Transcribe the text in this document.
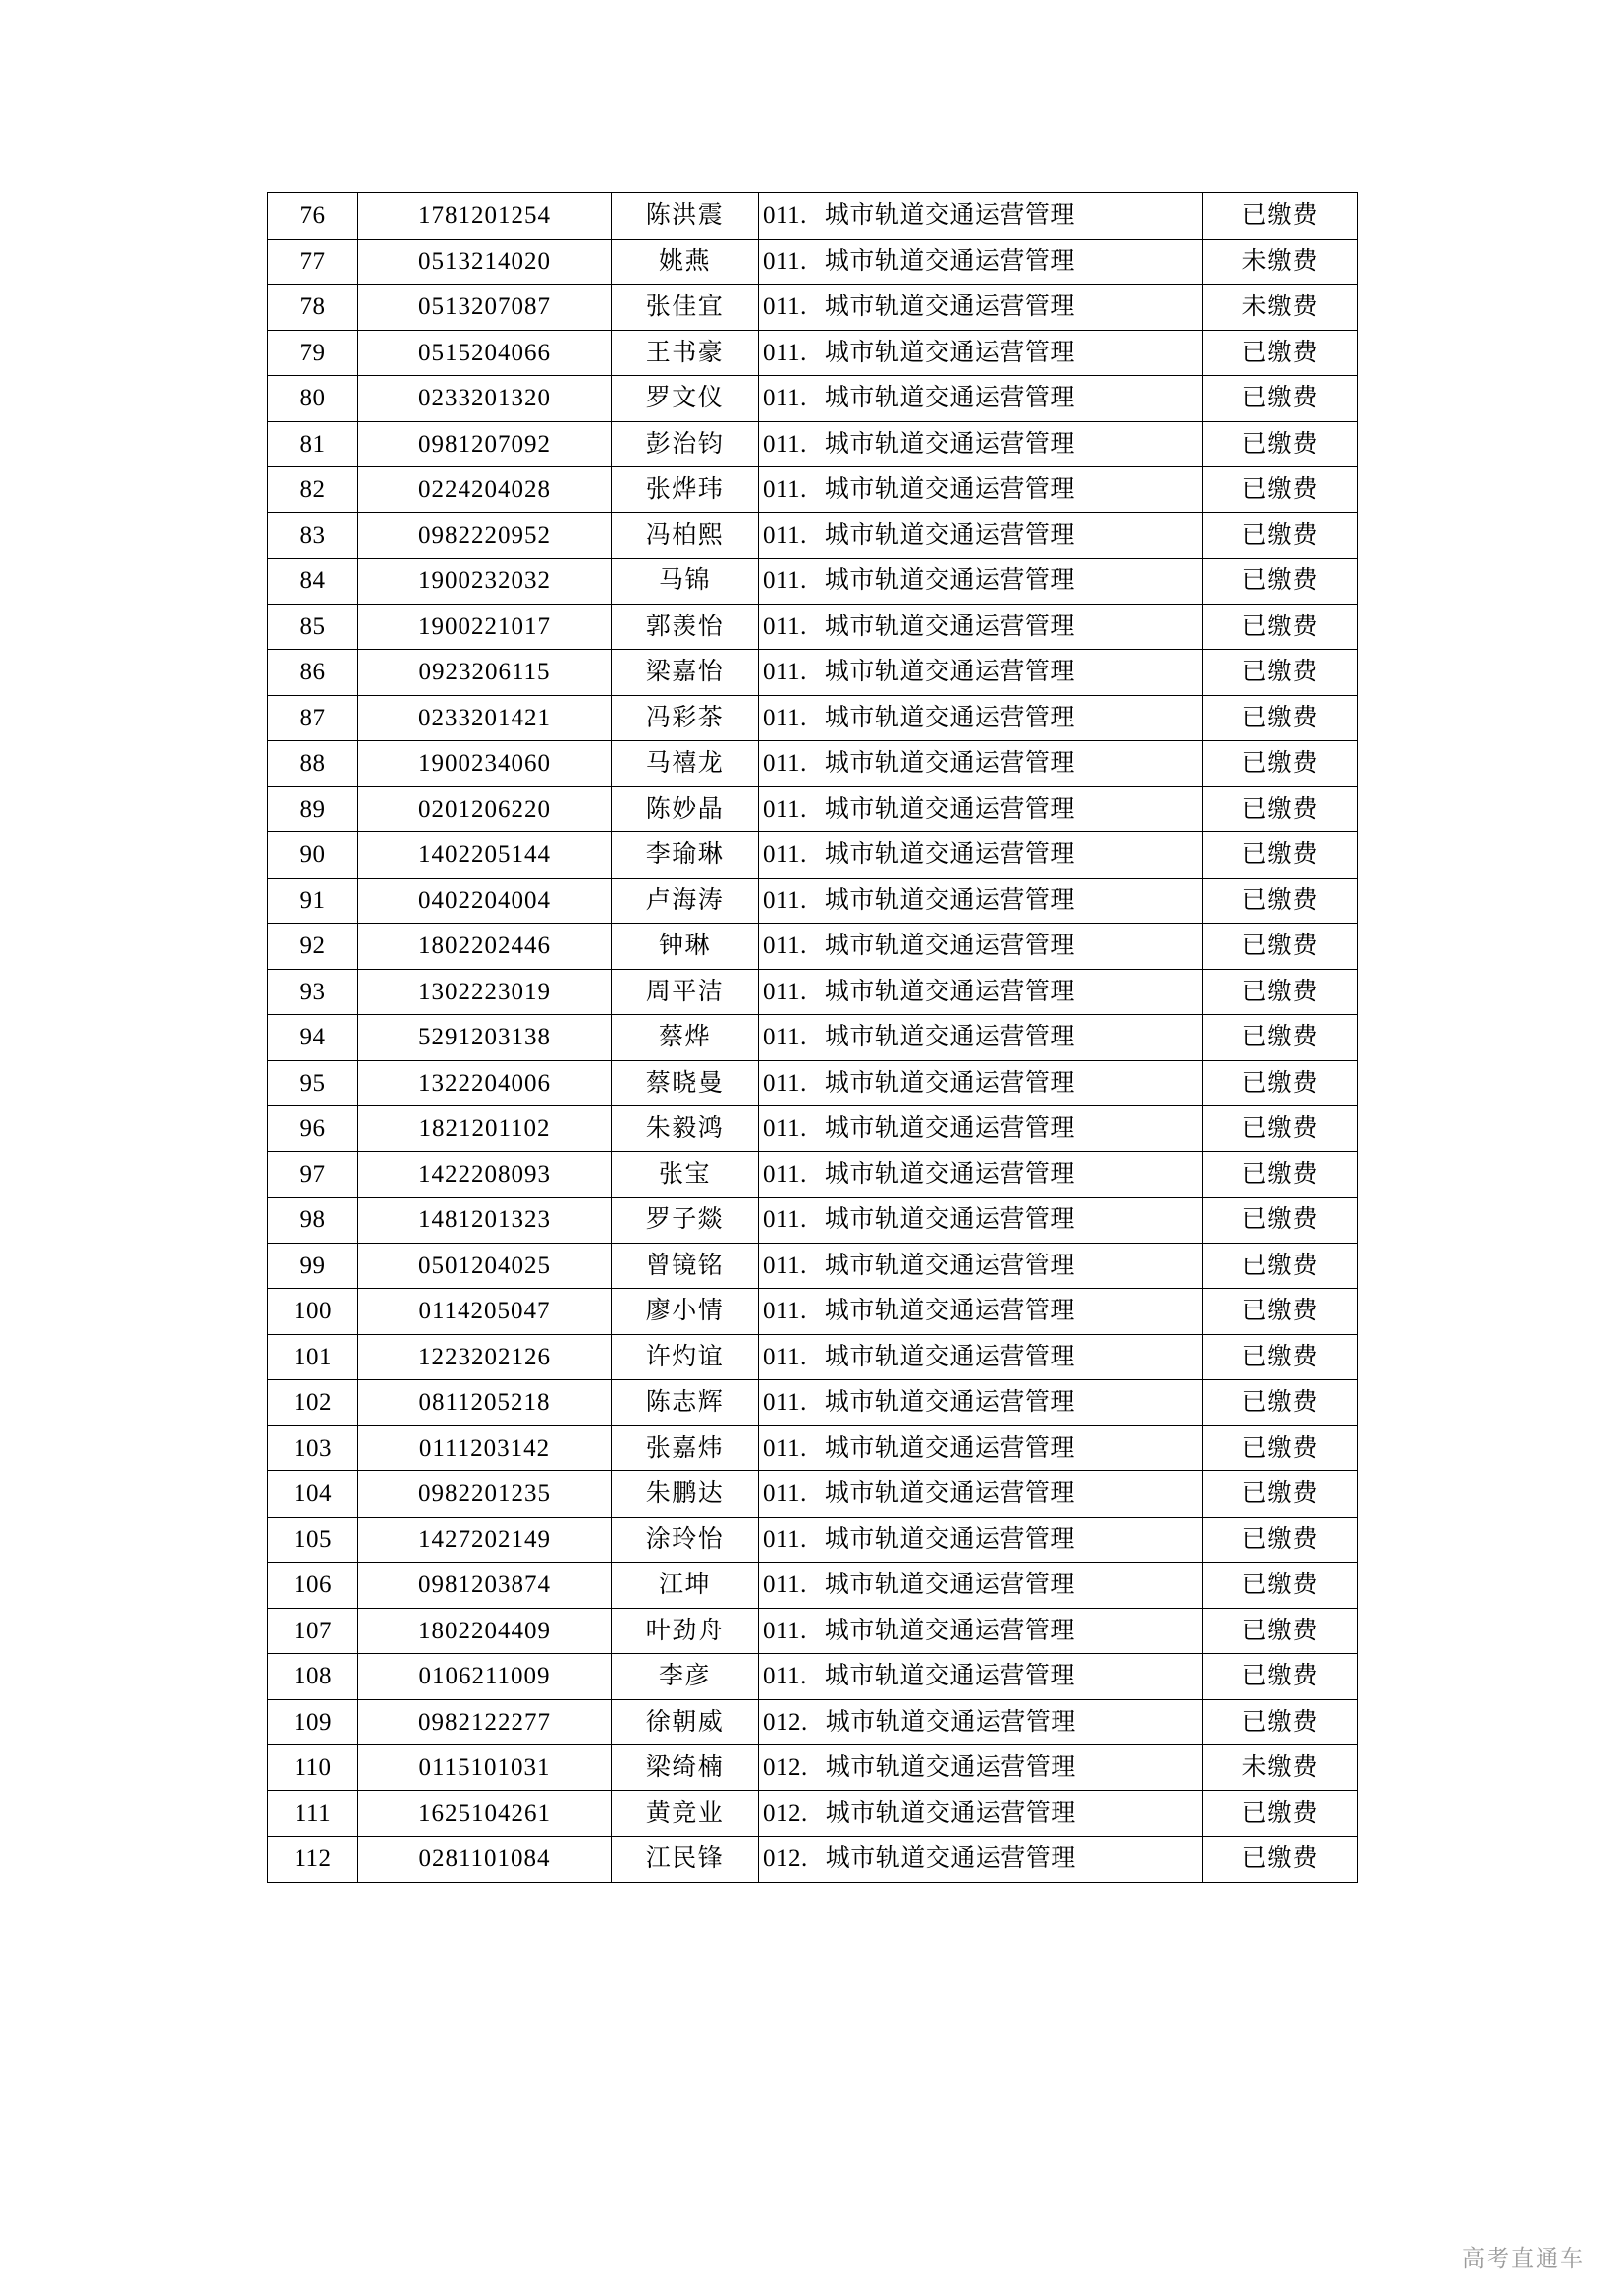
76	1781201254	陈洪震	011. 城市轨道交通运营管理	已缴费
77	0513214020	姚燕	011. 城市轨道交通运营管理	未缴费
78	0513207087	张佳宜	011. 城市轨道交通运营管理	未缴费
79	0515204066	王书豪	011. 城市轨道交通运营管理	已缴费
80	0233201320	罗文仪	011. 城市轨道交通运营管理	已缴费
81	0981207092	彭治钧	011. 城市轨道交通运营管理	已缴费
82	0224204028	张烨玮	011. 城市轨道交通运营管理	已缴费
83	0982220952	冯柏熙	011. 城市轨道交通运营管理	已缴费
84	1900232032	马锦	011. 城市轨道交通运营管理	已缴费
85	1900221017	郭羡怡	011. 城市轨道交通运营管理	已缴费
86	0923206115	梁嘉怡	011. 城市轨道交通运营管理	已缴费
87	0233201421	冯彩茶	011. 城市轨道交通运营管理	已缴费
88	1900234060	马禧龙	011. 城市轨道交通运营管理	已缴费
89	0201206220	陈妙晶	011. 城市轨道交通运营管理	已缴费
90	1402205144	李瑜琳	011. 城市轨道交通运营管理	已缴费
91	0402204004	卢海涛	011. 城市轨道交通运营管理	已缴费
92	1802202446	钟琳	011. 城市轨道交通运营管理	已缴费
93	1302223019	周平洁	011. 城市轨道交通运营管理	已缴费
94	5291203138	蔡烨	011. 城市轨道交通运营管理	已缴费
95	1322204006	蔡晓曼	011. 城市轨道交通运营管理	已缴费
96	1821201102	朱毅鸿	011. 城市轨道交通运营管理	已缴费
97	1422208093	张宝	011. 城市轨道交通运营管理	已缴费
98	1481201323	罗子燚	011. 城市轨道交通运营管理	已缴费
99	0501204025	曾镜铭	011. 城市轨道交通运营管理	已缴费
100	0114205047	廖小情	011. 城市轨道交通运营管理	已缴费
101	1223202126	许灼谊	011. 城市轨道交通运营管理	已缴费
102	0811205218	陈志辉	011. 城市轨道交通运营管理	已缴费
103	0111203142	张嘉炜	011. 城市轨道交通运营管理	已缴费
104	0982201235	朱鹏达	011. 城市轨道交通运营管理	已缴费
105	1427202149	涂玲怡	011. 城市轨道交通运营管理	已缴费
106	0981203874	江坤	011. 城市轨道交通运营管理	已缴费
107	1802204409	叶劲舟	011. 城市轨道交通运营管理	已缴费
108	0106211009	李彦	011. 城市轨道交通运营管理	已缴费
109	0982122277	徐朝威	012. 城市轨道交通运营管理	已缴费
110	0115101031	梁绮楠	012. 城市轨道交通运营管理	未缴费
111	1625104261	黄竞业	012. 城市轨道交通运营管理	已缴费
112	0281101084	江民锋	012. 城市轨道交通运营管理	已缴费
高考直通车
